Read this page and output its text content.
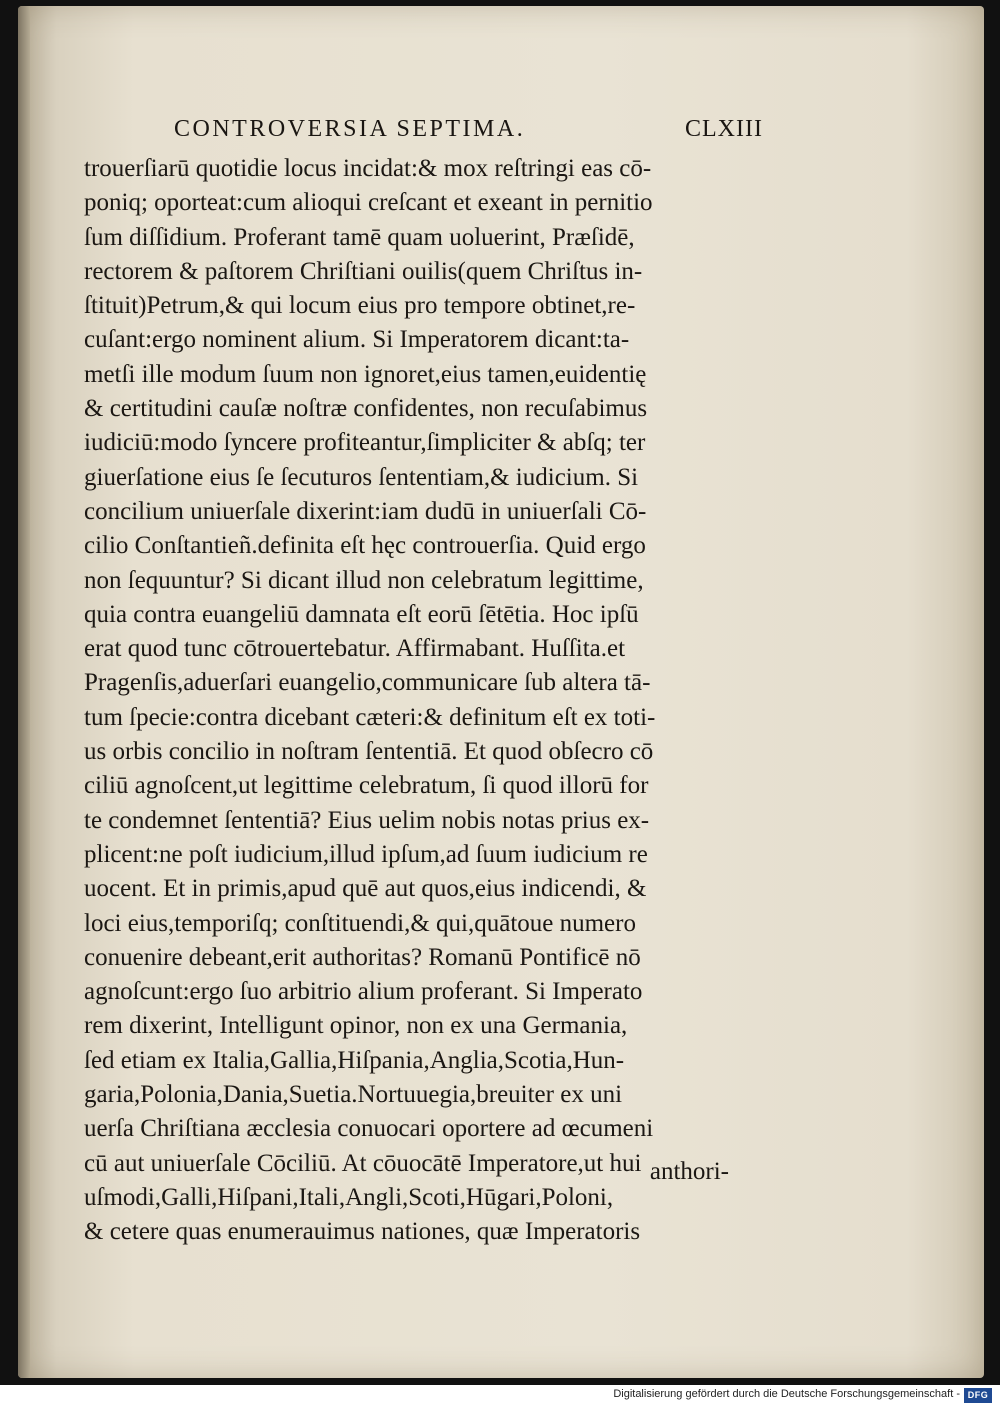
CONTROVERSIA SEPTIMA.	CLXIII
trouerſiarū quotidie locus incidat:& mox reſtringi eas cō-
poniq; oporteat:cum alioqui creſcant et exeant in pernitio
ſum diſſidium. Proferant tamē quam uoluerint, Præſidē,
rectorem & paſtorem Chriſtiani ouilis(quem Chriſtus in-
ſtituit)Petrum,& qui locum eius pro tempore obtinet,re-
cuſant:ergo nominent alium. Si Imperatorem dicant:ta-
metſi ille modum ſuum non ignoret,eius tamen,euidentię
& certitudini cauſæ noſtræ confidentes, non recuſabimus
iudiciū:modo ſyncere profiteantur,ſimpliciter & abſq; ter
giuerſatione eius ſe ſecuturos ſententiam,& iudicium. Si
concilium uniuerſale dixerint:iam dudū in uniuerſali Cō-
cilio Conſtantieñ.definita eſt hęc controuerſia. Quid ergo
non ſequuntur? Si dicant illud non celebratum legittime,
quia contra euangeliū damnata eſt eorū ſētētia. Hoc ipſū
erat quod tunc cōtrouertebatur. Affirmabant. Huſſita.et
Pragenſis,aduerſari euangelio,communicare ſub altera tā-
tum ſpecie:contra dicebant cæteri:& definitum eſt ex toti-
us orbis concilio in noſtram ſententiā. Et quod obſecro cō
ciliū agnoſcent,ut legittime celebratum, ſi quod illorū for
te condemnet ſententiā? Eius uelim nobis notas prius ex-
plicent:ne poſt iudicium,illud ipſum,ad ſuum iudicium re
uocent. Et in primis,apud quē aut quos,eius indicendi, &
loci eius,temporiſq; conſtituendi,& qui,quātoue numero
conuenire debeant,erit authoritas? Romanū Pontificē nō
agnoſcunt:ergo ſuo arbitrio alium proferant. Si Imperato
rem dixerint, Intelligunt opinor, non ex una Germania,
ſed etiam ex Italia,Gallia,Hiſpania,Anglia,Scotia,Hun-
garia,Polonia,Dania,Suetia.Nortuuegia,breuiter ex uni
uerſa Chriſtiana æcclesia conuocari oportere ad œcumeni
cū aut uniuerſale Cōciliū. At cōuocātē Imperatore,ut hui
uſmodi,Galli,Hiſpani,Itali,Angli,Scoti,Hūgari,Poloni,
& cetere quas enumerauimus nationes, quæ Imperatoris
anthori-
Digitalisierung gefördert durch die Deutsche Forschungsgemeinschaft - DFG
